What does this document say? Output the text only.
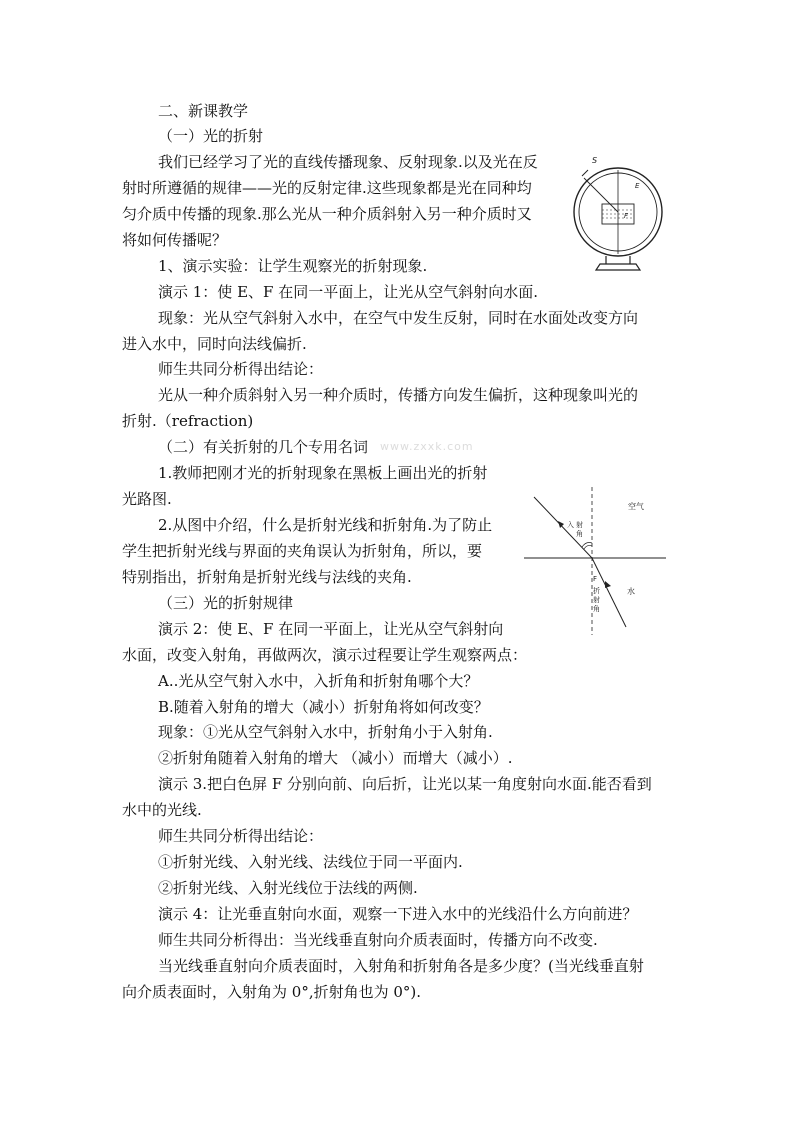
www.zxxk.com
二、新课教学
（一）光的折射
我们已经学习了光的直线传播现象、反射现象.以及光在反
射时所遵循的规律——光的反射定律.这些现象都是光在同种均
匀介质中传播的现象.那么光从一种介质斜射入另一种介质时又
将如何传播呢？
1、演示实验：让学生观察光的折射现象.
演示 1：使 E、F 在同一平面上，让光从空气斜射向水面.
现象：光从空气斜射入水中，在空气中发生反射，同时在水面处改变方向
进入水中，同时向法线偏折.
师生共同分析得出结论：
光从一种介质斜射入另一种介质时，传播方向发生偏折，这种现象叫光的
折射.（refraction)
（二）有关折射的几个专用名词
1.教师把刚才光的折射现象在黑板上画出光的折射
光路图.
2.从图中介绍，什么是折射光线和折射角.为了防止
学生把折射光线与界面的夹角误认为折射角，所以，要
特别指出，折射角是折射光线与法线的夹角.
（三）光的折射规律
演示 2：使 E、F 在同一平面上，让光从空气斜射向
水面，改变入射角，再做两次，演示过程要让学生观察两点：
A..光从空气射入水中，入折角和折射角哪个大？
B.随着入射角的增大（减小）折射角将如何改变？
现象：①光从空气斜射入水中，折射角小于入射角.
②折射角随着入射角的增大 （减小）而增大（减小）.
演示 3.把白色屏 F 分别向前、向后折，让光以某一角度射向水面.能否看到
水中的光线.
师生共同分析得出结论：
①折射光线、入射光线、法线位于同一平面内.
②折射光线、入射光线位于法线的两侧.
演示 4：让光垂直射向水面，观察一下进入水中的光线沿什么方向前进？
师生共同分析得出：当光线垂直射向介质表面时，传播方向不改变.
当光线垂直射向介质表面时，入射角和折射角各是多少度？(当光线垂直射
向介质表面时，入射角为 0°,折射角也为 0°).
S
E
F
空气
水
入 射
角
F
折
射
角
